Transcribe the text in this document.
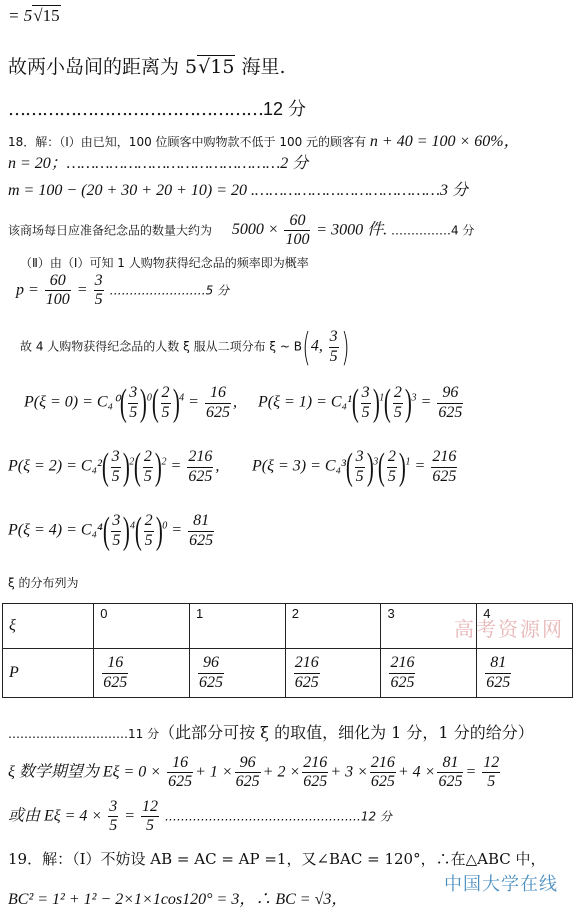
= 5√15
故两小岛间的距离为 5√15 海里.
………………………………………12 分
18．解：（Ⅰ）由已知，100 位顾客中购物款不低于 100 元的顾客有 n + 40 = 100 × 60%，
n = 20；………………………………………2 分
m = 100 − (20 + 30 + 20 + 10) = 20 .…………………………………3 分
该商场每日应准备纪念品的数量大约为 $5000 \times \frac{60}{100} = 3000$ 件. ……………4 分
（Ⅱ）由（Ⅰ）可知 1 人购物获得纪念品的频率即为概率
$p = \frac{60}{100} = \frac{3}{5}$ ……………………5 分
故 4 人购物获得纪念品的人数 ξ 服从二项分布 ξ ~ B(4, $\frac{3}{5}$ )
$P(\xi = 0) = C_4^0( \frac{3}{5} )^0( \frac{2}{5} )^4 = \frac{16}{625}$ , $P(\xi = 1) = C_4^1( \frac{3}{5} )^1( \frac{2}{5} )^3 = \frac{96}{625}$
$P(\xi = 2) = C_4^2( \frac{3}{5} )^2( \frac{2}{5} )^2 = \frac{216}{625}$ , $P(\xi = 3) = C_4^3( \frac{3}{5} )^3( \frac{2}{5} )^1 = \frac{216}{625}$
$P(\xi = 4) = C_4^4( \frac{3}{5} )^4( \frac{2}{5} )^0 = \frac{81}{625}$
ξ 的分布列为
ξ	0	1	2	3	4
P	$\frac{16}{625}$	$\frac{96}{625}$	$\frac{216}{625}$	$\frac{216}{625}$	$\frac{81}{625}$
高考资源网
…………………………11 分（此部分可按 ξ 的取值，细化为 1 分，1 分的给分）
ξ 数学期望为 $E\xi = 0 \times \frac{16}{625} + 1 \times \frac{96}{625} + 2 \times \frac{216}{625} + 3 \times \frac{216}{625} + 4 \times \frac{81}{625} = \frac{12}{5}$
或由 $E\xi = 4 \times \frac{3}{5} = \frac{12}{5}$ .…………………………………………12 分
19．解：（Ⅰ）不妨设 AB = AC = AP =1，又∠BAC = 120°，∴在△ABC 中，
BC² = 1² + 1² − 2×1×1cos120° = 3，∴ BC = √3，
中国大学在线
